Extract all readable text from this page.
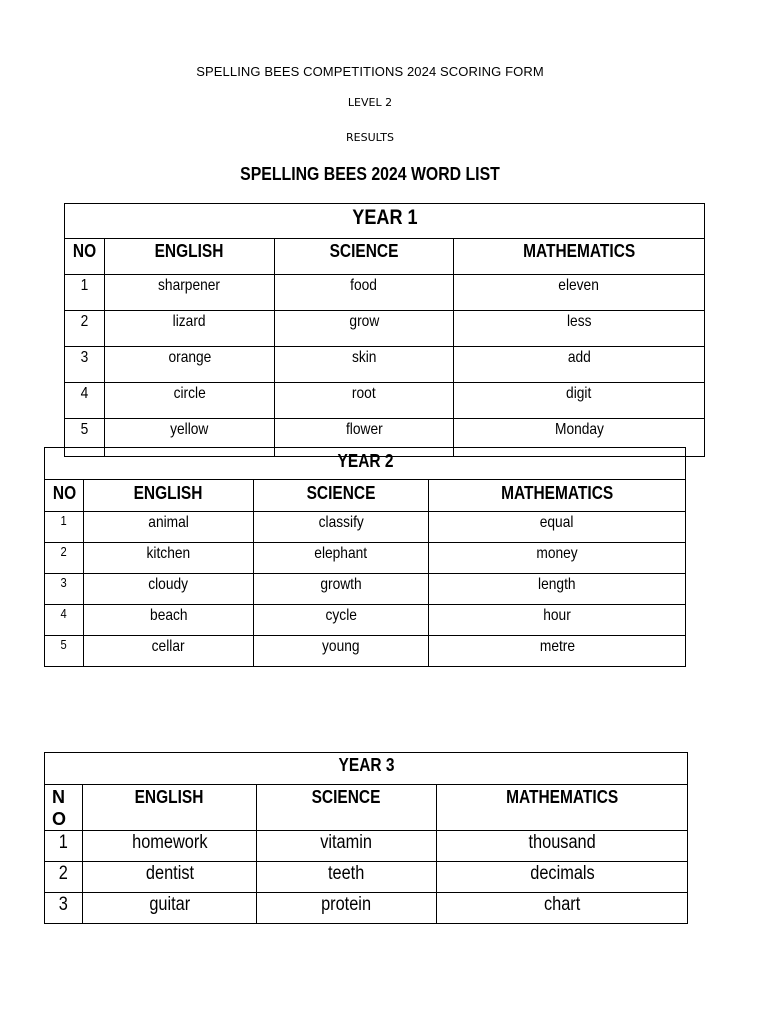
SPELLING BEES COMPETITIONS 2024 SCORING FORM
LEVEL 2
RESULTS
SPELLING BEES 2024 WORD LIST
YEAR 1			
NO	ENGLISH	SCIENCE	MATHEMATICS
1	sharpener	food	eleven
2	lizard	grow	less
3	orange	skin	add
4	circle	root	digit
5	yellow	flower	Monday
YEAR 2			
NO	ENGLISH	SCIENCE	MATHEMATICS
1	animal	classify	equal
2	kitchen	elephant	money
3	cloudy	growth	length
4	beach	cycle	hour
5	cellar	young	metre
YEAR 3			
N O	ENGLISH	SCIENCE	MATHEMATICS
1	homework	vitamin	thousand
2	dentist	teeth	decimals
3	guitar	protein	chart
